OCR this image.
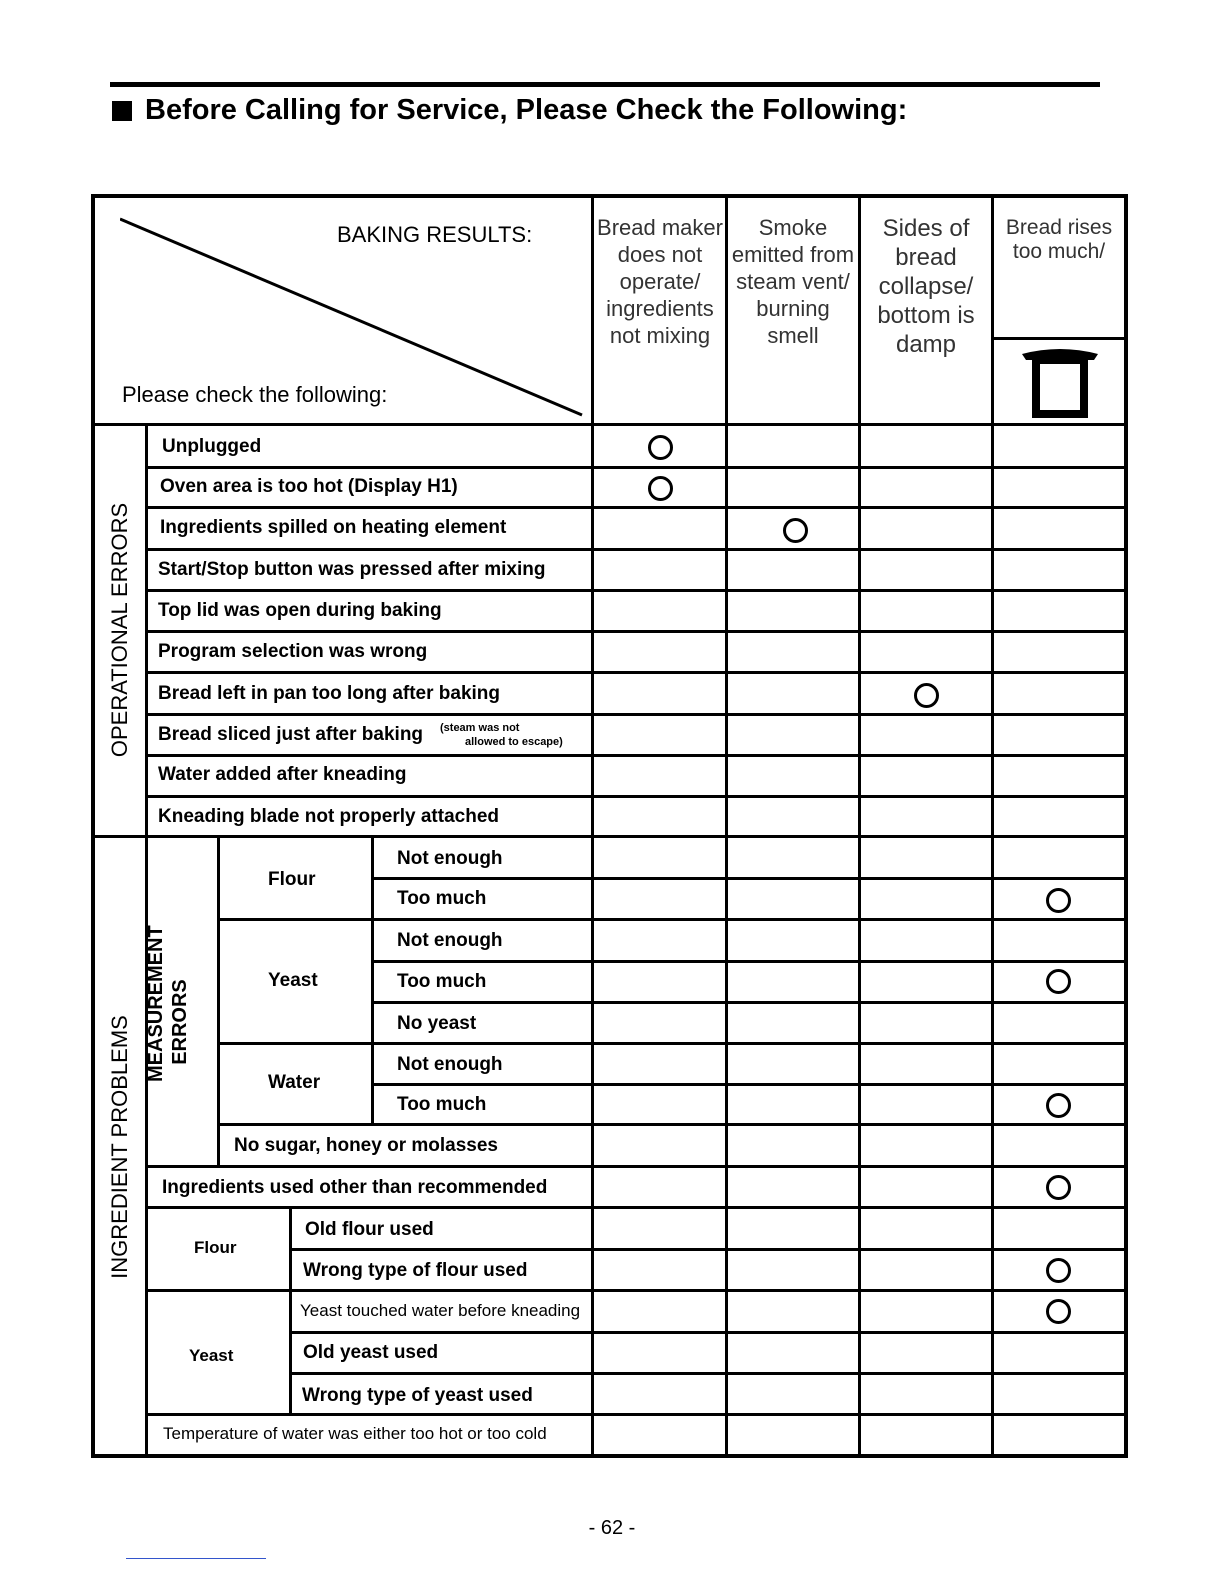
Before Calling for Service, Please Check the Following:
BAKING RESULTS:
Please check the following:
Bread maker does not operate/ ingredients not mixing
Smoke emitted from steam vent/ burning smell
Sides of bread collapse/ bottom is damp
Bread rises too much/
OPERATIONAL ERRORS
INGREDIENT PROBLEMS
MEASUREMENT ERRORS
Unplugged
Oven area is too hot (Display H1)
Ingredients spilled on heating element
Start/Stop button was pressed after mixing
Top lid was open during baking
Program selection was wrong
Bread left in pan too long after baking
Bread sliced just after baking (steam was not
allowed to escape)
Water added after kneading
Kneading blade not properly attached
Flour
Yeast
Water
Not enough
Too much
Not enough
Too much
No yeast
Not enough
Too much
No sugar, honey or molasses
Ingredients used other than recommended
Flour
Yeast
Old flour used
Wrong type of flour used
Yeast touched water before kneading
Old yeast used
Wrong type of yeast used
Temperature of water was either too hot or too cold
- 62 -
